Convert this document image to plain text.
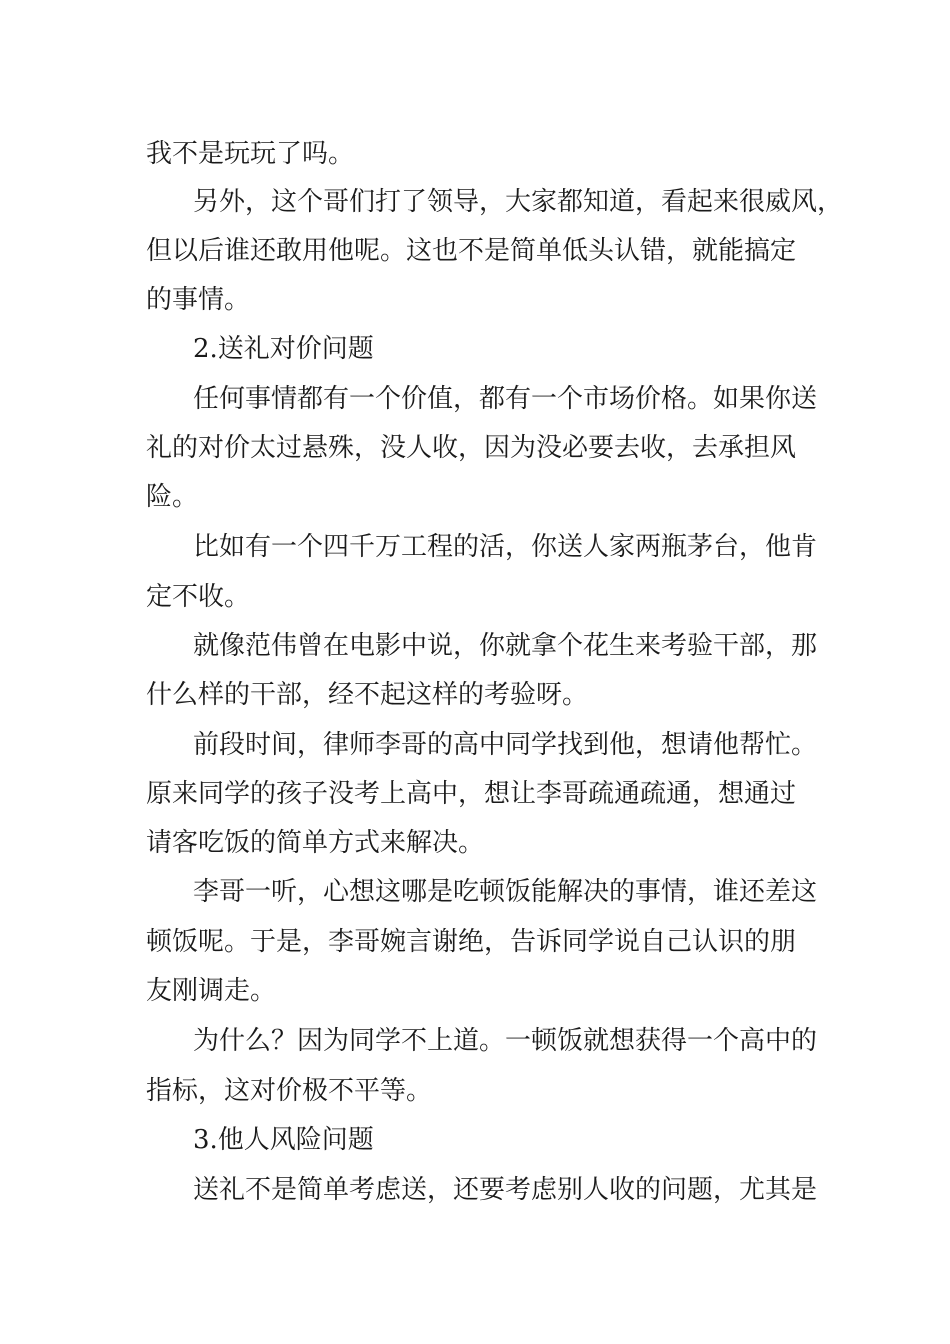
我不是玩玩了吗。
另外，这个哥们打了领导，大家都知道，看起来很威风，
但以后谁还敢用他呢。这也不是简单低头认错，就能搞定
的事情。
2.送礼对价问题
任何事情都有一个价值，都有一个市场价格。如果你送
礼的对价太过悬殊，没人收，因为没必要去收，去承担风
险。
比如有一个四千万工程的活，你送人家两瓶茅台，他肯
定不收。
就像范伟曾在电影中说，你就拿个花生来考验干部，那
什么样的干部，经不起这样的考验呀。
前段时间，律师李哥的高中同学找到他，想请他帮忙。
原来同学的孩子没考上高中，想让李哥疏通疏通，想通过
请客吃饭的简单方式来解决。
李哥一听，心想这哪是吃顿饭能解决的事情，谁还差这
顿饭呢。于是，李哥婉言谢绝，告诉同学说自己认识的朋
友刚调走。
为什么？因为同学不上道。一顿饭就想获得一个高中的
指标，这对价极不平等。
3.他人风险问题
送礼不是简单考虑送，还要考虑别人收的问题，尤其是
